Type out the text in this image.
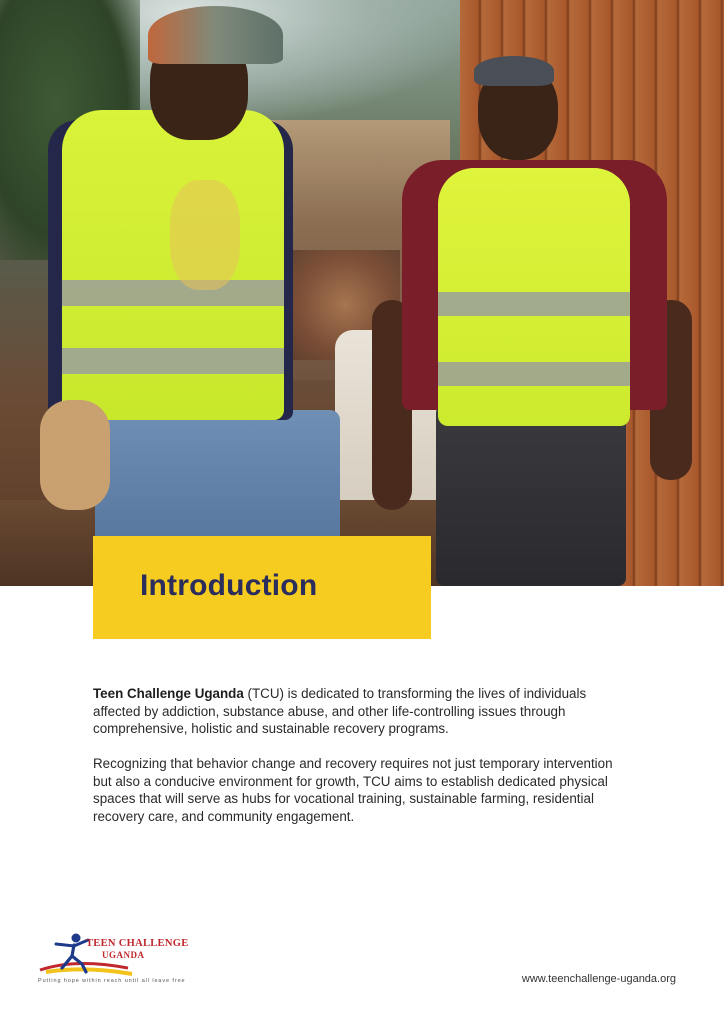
Introduction

Teen Challenge Uganda (TCU) is dedicated to transforming the lives of individuals affected by addiction, substance abuse, and other life-controlling issues through comprehensive, holistic and sustainable recovery programs.

Recognizing that behavior change and recovery requires not just temporary intervention but also a conducive environment for growth, TCU aims to establish dedicated physical spaces that will serve as hubs for vocational training, sustainable farming, residential recovery care, and community engagement.

TEEN CHALLENGE
UGANDA
Putting hope within reach until all leave free	www.teenchallenge-uganda.org
